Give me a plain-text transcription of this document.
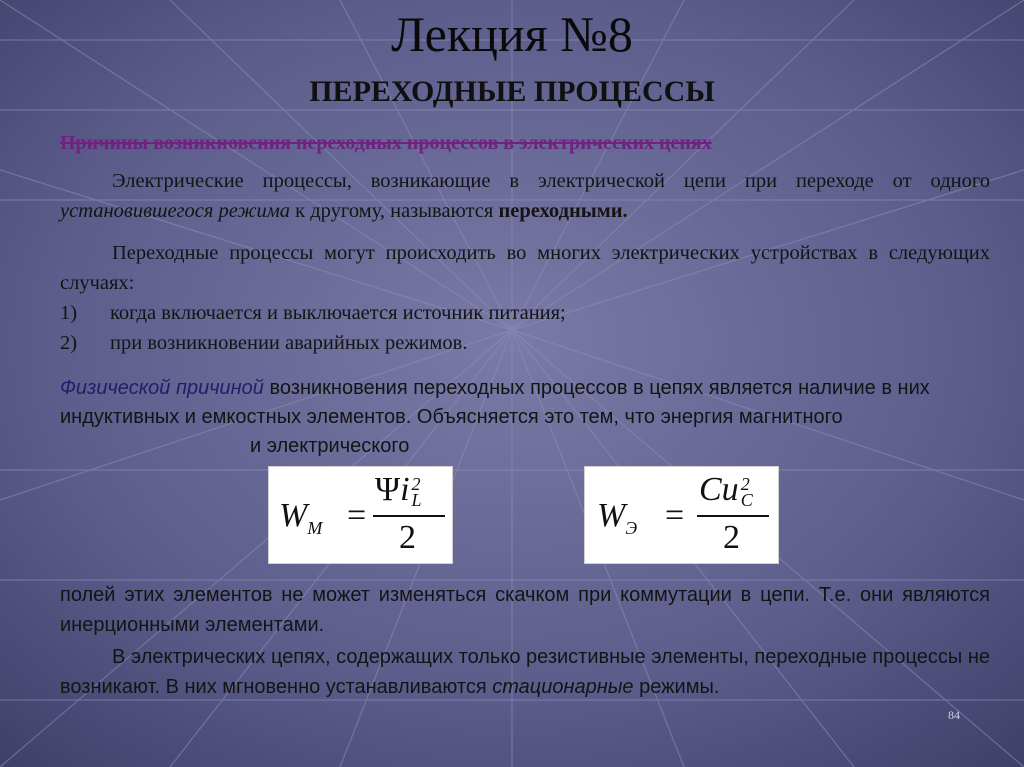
Лекция №8
ПЕРЕХОДНЫЕ ПРОЦЕССЫ
Причины возникновения переходных процессов в электрических цепях

Электрические процессы, возникающие в электрической цепи при переходе от одного установившегося режима к другому, называются переходными.

Переходные процессы могут происходить во многих электрических устройствах в следующих случаях:

1) когда включается и выключается источник питания;
2) при возникновении аварийных режимов.

Физической причиной возникновения переходных процессов в цепях является наличие в них индуктивных и емкостных элементов. Объясняется это тем, что энергия магнитногои электрического

$W_М$ =
Ψi 2
L
2
$W_Э$ =
Cu 2
C
2

полей этих элементов не может изменяться скачком при коммутации в цепи. Т.е. они являются инерционными элементами.

В электрических цепях, содержащих только резистивные элементы, переходные процессы не возникают. В них мгновенно устанавливаются стационарные режимы.

84
